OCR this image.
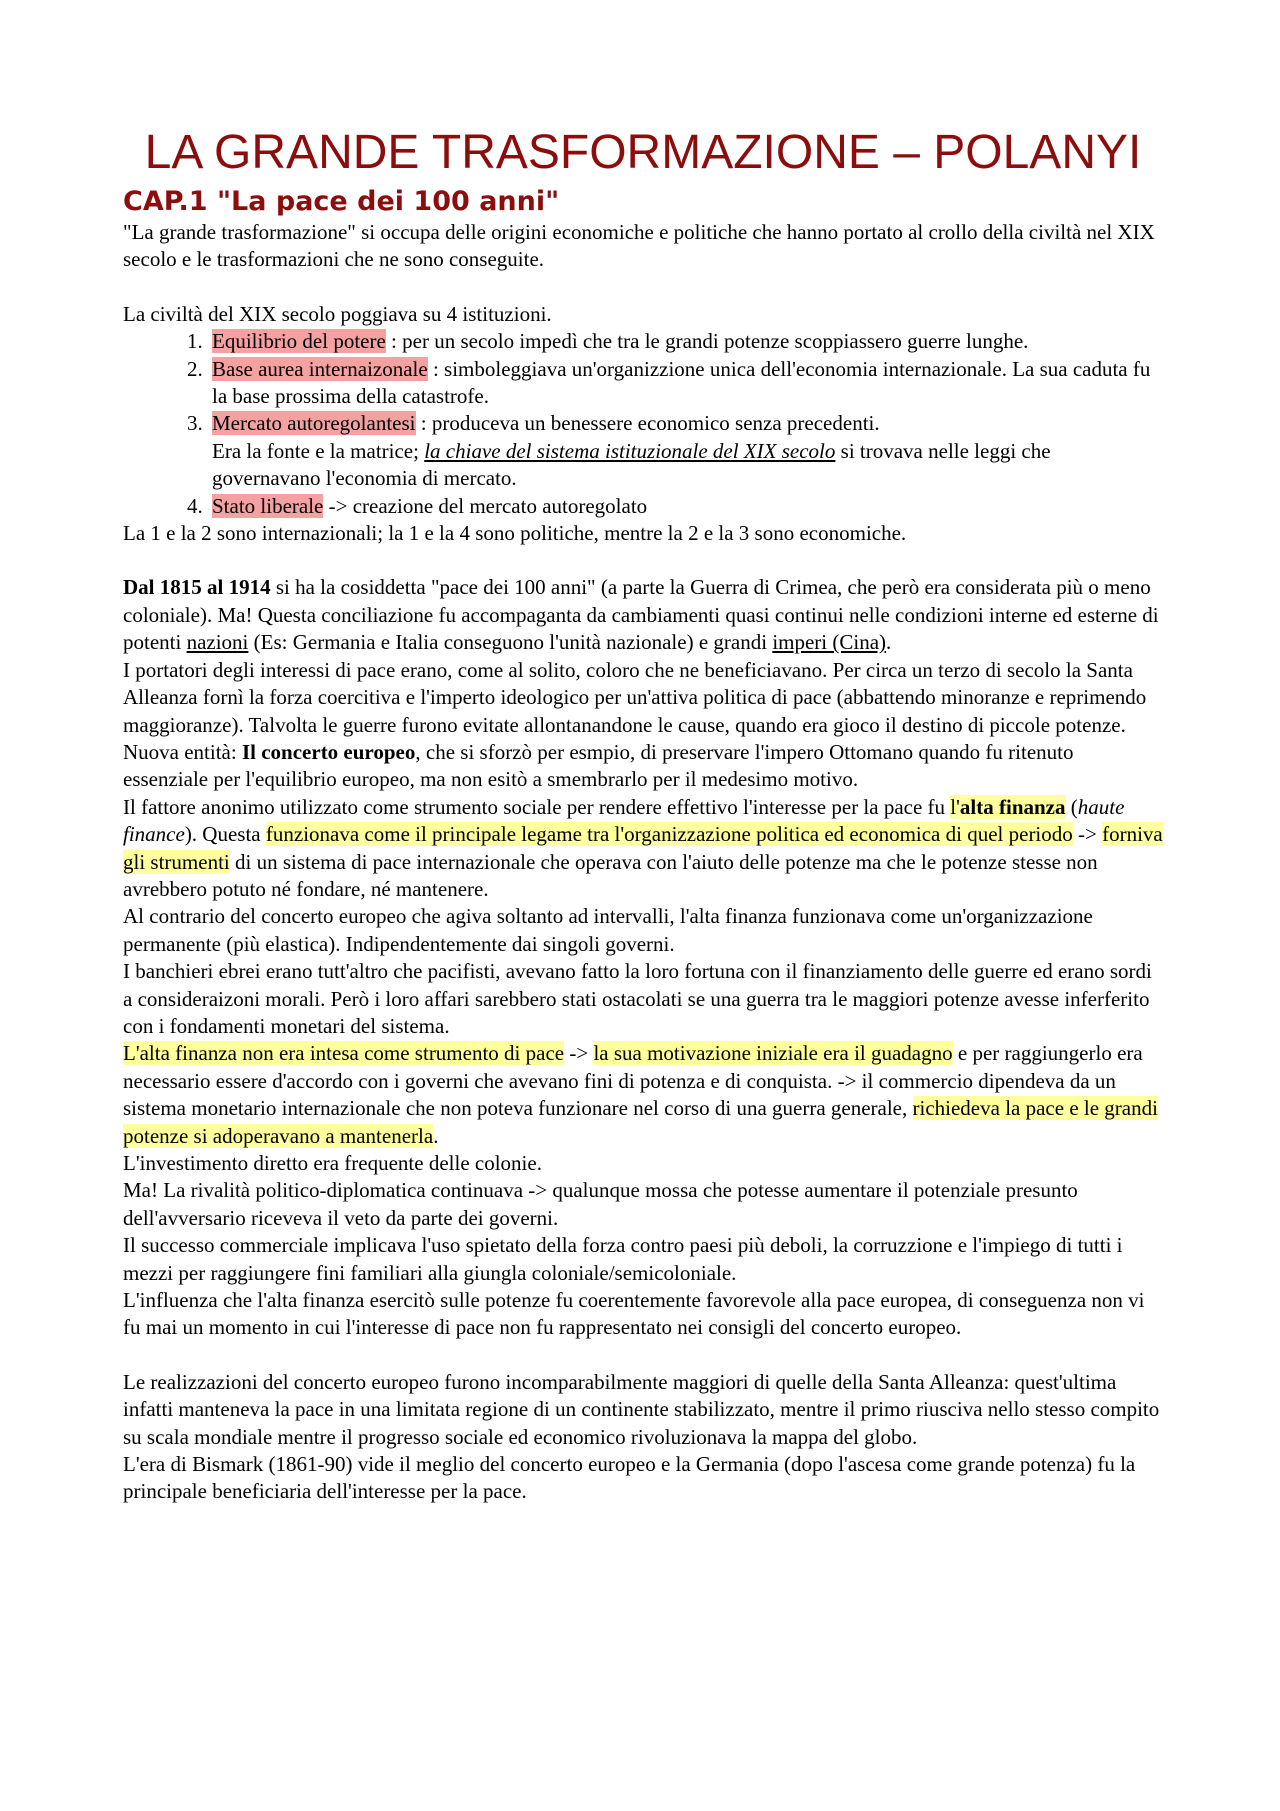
LA GRANDE TRASFORMAZIONE – POLANYI
CAP.1 "La pace dei 100 anni"

"La grande trasformazione" si occupa delle origini economiche e politiche che hanno portato al crollo della civiltà nel XIX secolo e le trasformazioni che ne sono conseguite.

La civiltà del XIX secolo poggiava su 4 istituzioni.

1. Equilibrio del potere : per un secolo impedì che tra le grandi potenze scoppiassero guerre lunghe.
2. Base aurea internaizonale : simboleggiava un'organizzione unica dell'economia internazionale. La sua caduta fu la base prossima della catastrofe.
3. Mercato autoregolantesi : produceva un benessere economico senza precedenti.
Era la fonte e la matrice; la chiave del sistema istituzionale del XIX secolo si trovava nelle leggi che governavano l'economia di mercato.
4. Stato liberale -> creazione del mercato autoregolato

La 1 e la 2 sono internazionali; la 1 e la 4 sono politiche, mentre la 2 e la 3 sono economiche.

Dal 1815 al 1914 si ha la cosiddetta "pace dei 100 anni" (a parte la Guerra di Crimea, che però era considerata più o meno coloniale). Ma! Questa conciliazione fu accompaganta da cambiamenti quasi continui nelle condizioni interne ed esterne di potenti nazioni (Es: Germania e Italia conseguono l'unità nazionale) e grandi imperi (Cina).

I portatori degli interessi di pace erano, come al solito, coloro che ne beneficiavano. Per circa un terzo di secolo la Santa Alleanza fornì la forza coercitiva e l'imperto ideologico per un'attiva politica di pace (abbattendo minoranze e reprimendo maggioranze). Talvolta le guerre furono evitate allontanandone le cause, quando era gioco il destino di piccole potenze.

Nuova entità: Il concerto europeo, che si sforzò per esmpio, di preservare l'impero Ottomano quando fu ritenuto essenziale per l'equilibrio europeo, ma non esitò a smembrarlo per il medesimo motivo.

Il fattore anonimo utilizzato come strumento sociale per rendere effettivo l'interesse per la pace fu l'alta finanza (haute finance). Questa funzionava come il principale legame tra l'organizzazione politica ed economica di quel periodo -> forniva gli strumenti di un sistema di pace internazionale che operava con l'aiuto delle potenze ma che le potenze stesse non avrebbero potuto né fondare, né mantenere.

Al contrario del concerto europeo che agiva soltanto ad intervalli, l'alta finanza funzionava come un'organizzazione permanente (più elastica). Indipendentemente dai singoli governi.

I banchieri ebrei erano tutt'altro che pacifisti, avevano fatto la loro fortuna con il finanziamento delle guerre ed erano sordi a consideraizoni morali. Però i loro affari sarebbero stati ostacolati se una guerra tra le maggiori potenze avesse inferferito con i fondamenti monetari del sistema.

L'alta finanza non era intesa come strumento di pace -> la sua motivazione iniziale era il guadagno e per raggiungerlo era necessario essere d'accordo con i governi che avevano fini di potenza e di conquista. -> il commercio dipendeva da un sistema monetario internazionale che non poteva funzionare nel corso di una guerra generale, richiedeva la pace e le grandi potenze si adoperavano a mantenerla.

L'investimento diretto era frequente delle colonie.

Ma! La rivalità politico-diplomatica continuava -> qualunque mossa che potesse aumentare il potenziale presunto dell'avversario riceveva il veto da parte dei governi.

Il successo commerciale implicava l'uso spietato della forza contro paesi più deboli, la corruzzione e l'impiego di tutti i mezzi per raggiungere fini familiari alla giungla coloniale/semicoloniale.

L'influenza che l'alta finanza esercitò sulle potenze fu coerentemente favorevole alla pace europea, di conseguenza non vi fu mai un momento in cui l'interesse di pace non fu rappresentato nei consigli del concerto europeo.

Le realizzazioni del concerto europeo furono incomparabilmente maggiori di quelle della Santa Alleanza: quest'ultima infatti manteneva la pace in una limitata regione di un continente stabilizzato, mentre il primo riusciva nello stesso compito su scala mondiale mentre il progresso sociale ed economico rivoluzionava la mappa del globo.

L'era di Bismark (1861-90) vide il meglio del concerto europeo e la Germania (dopo l'ascesa come grande potenza) fu la principale beneficiaria dell'interesse per la pace.
